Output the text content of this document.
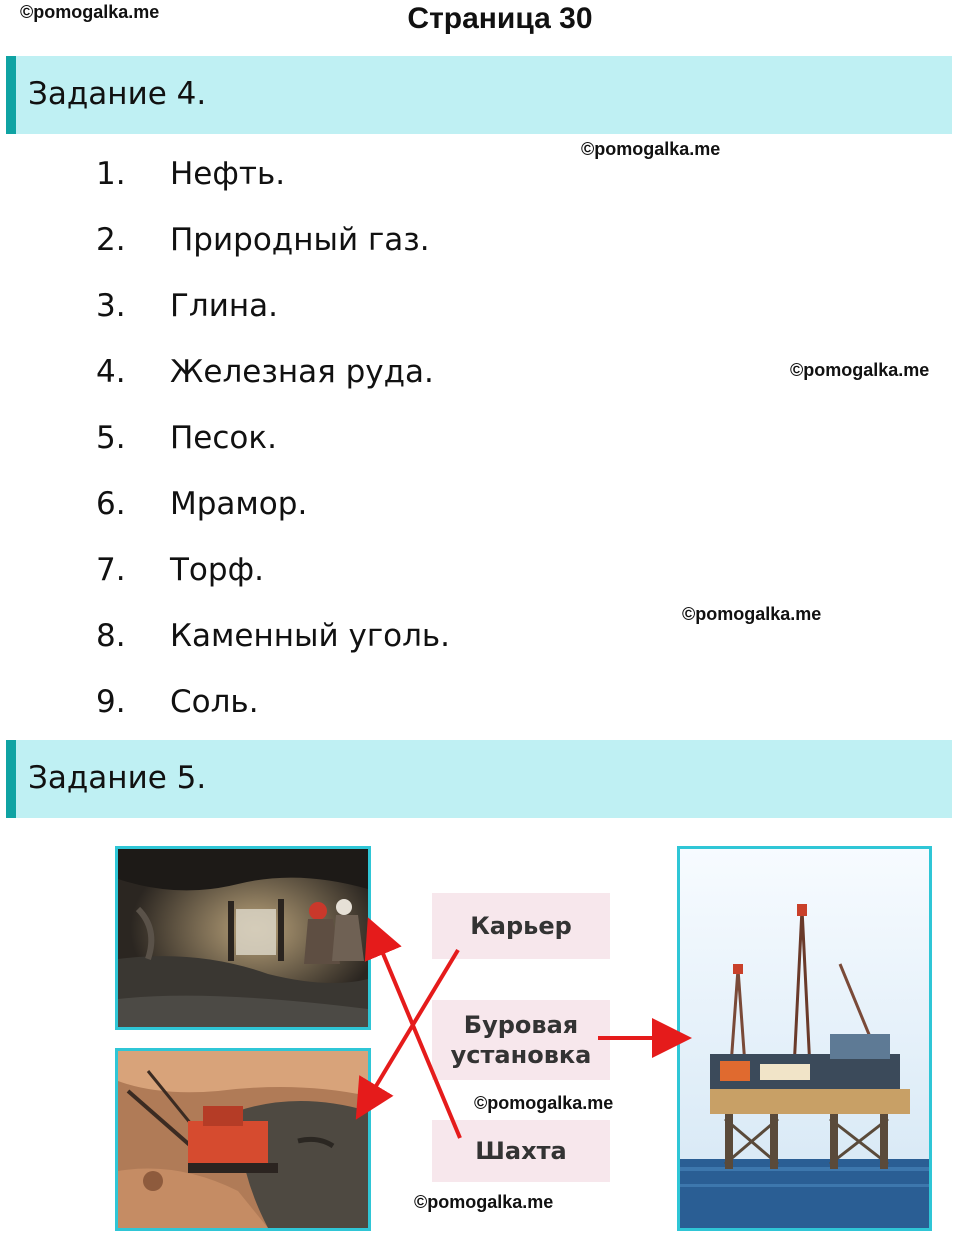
©pomogalka.me
©pomogalka.me
©pomogalka.me
©pomogalka.me
©pomogalka.me
©pomogalka.me
Страница 30
Задание 4.
1. Нефть.
2. Природный газ.
3. Глина.
4. Железная руда.
5. Песок.
6. Мрамор.
7. Торф.
8. Каменный уголь.
9. Соль.
Задание 5.
Карьер
Буровая
установка
Шахта
